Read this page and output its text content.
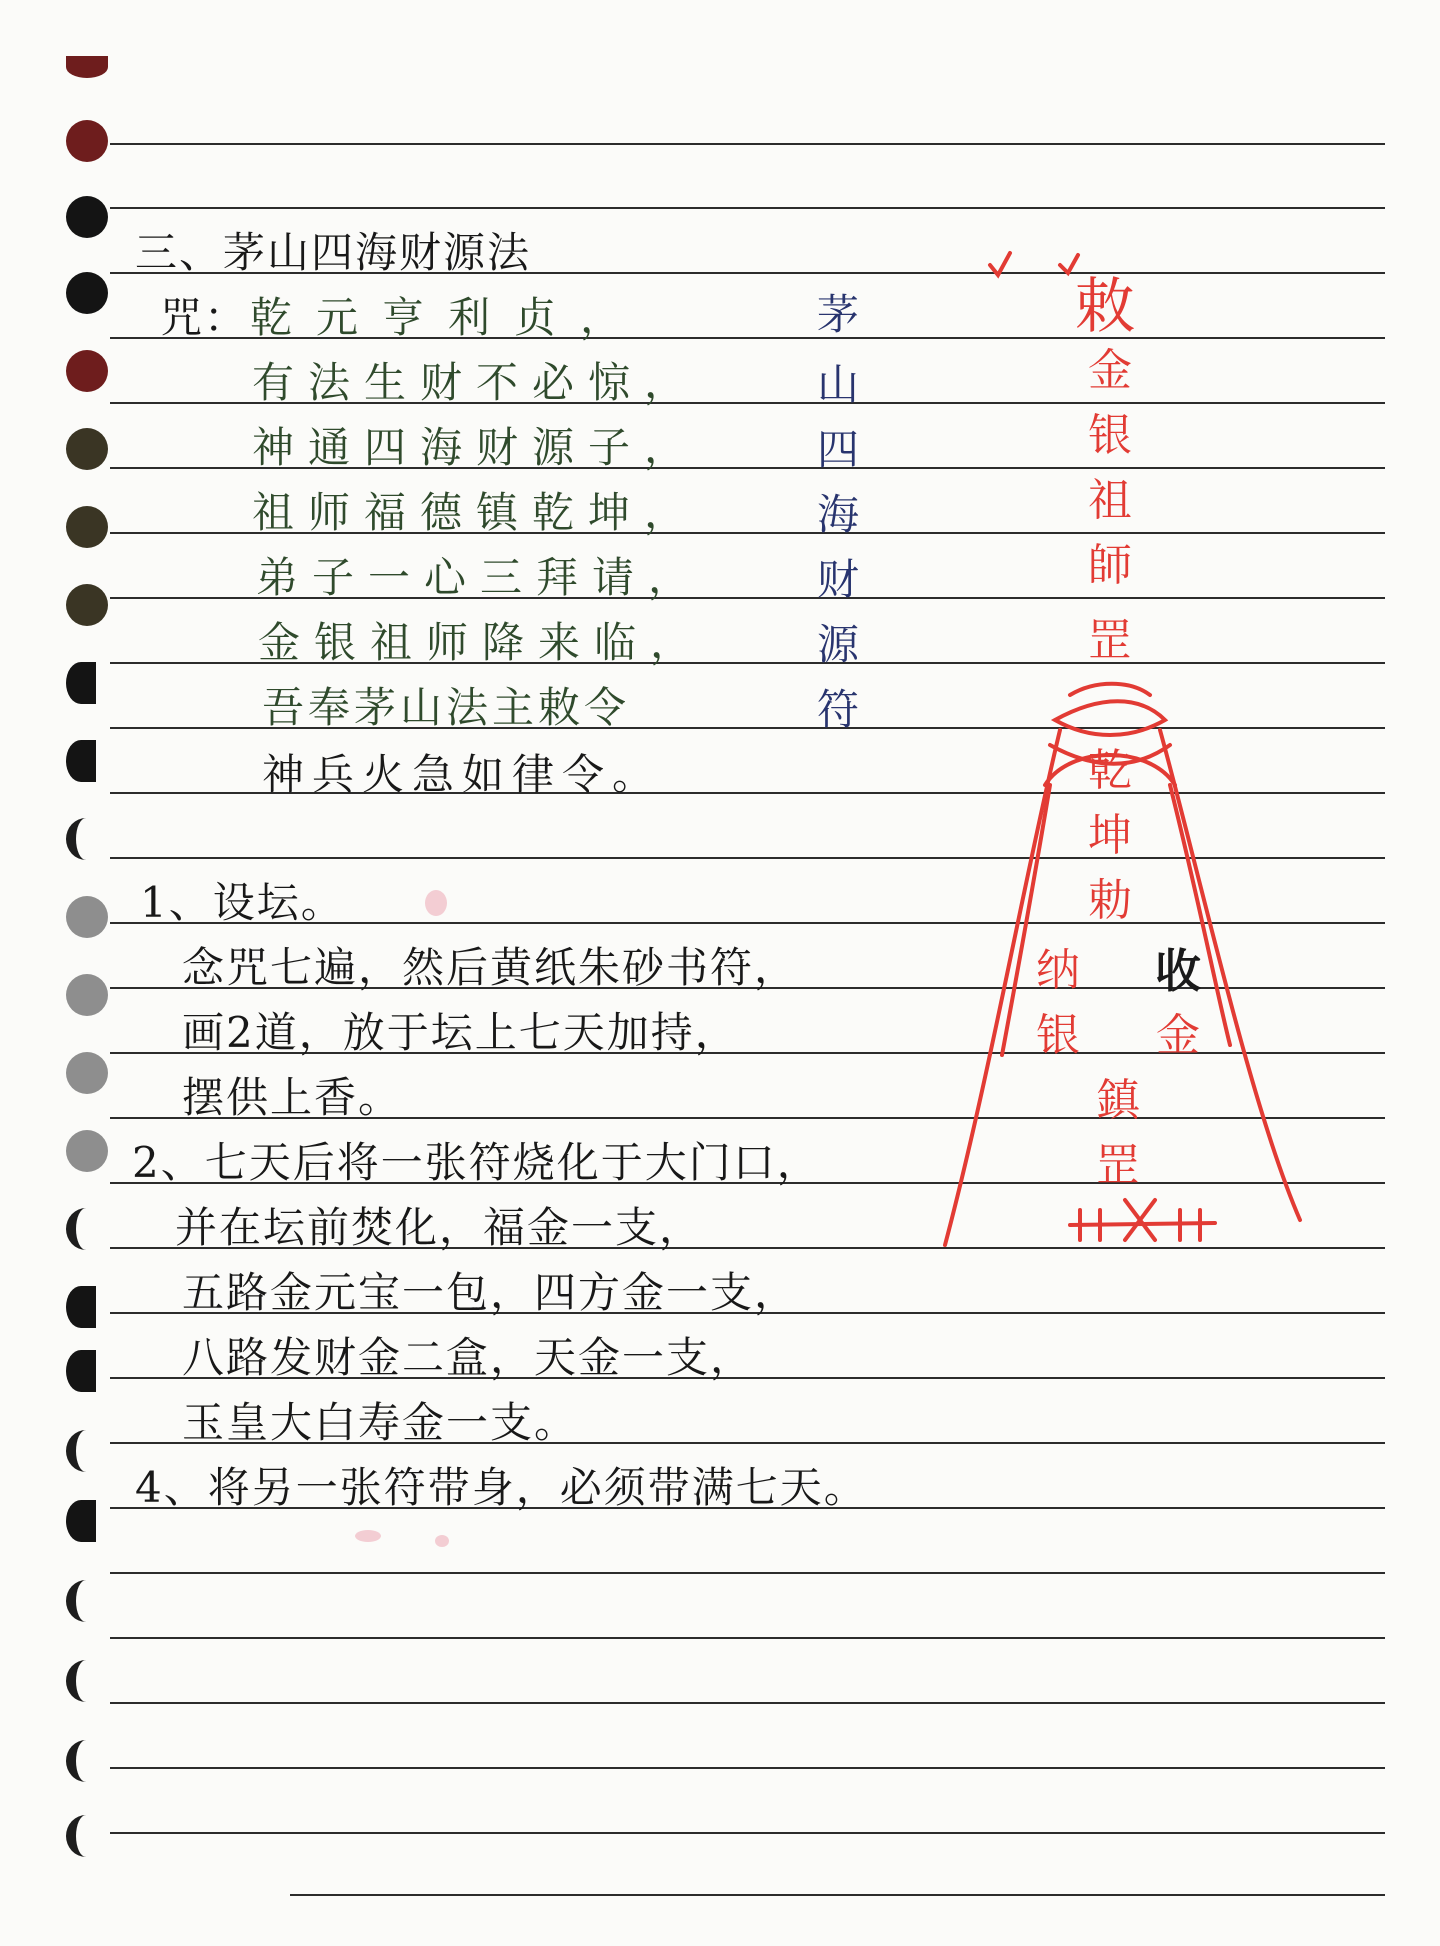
三、茅山四海财源法
咒： 乾元亨利贞，
有法生财不必惊，
神通四海财源子，
祖师福德镇乾坤，
弟子一心三拜请，
金银祖师降来临，
吾奉茅山法主敕令
神兵火急如律令。
茅
山
四
海
财
源
符
敕
金
银
祖
師
罡
乾
坤
勅
纳
银
收
金
鎮
罡
1、设坛。
念咒七遍，然后黄纸朱砂书符，
画2道，放于坛上七天加持，
摆供上香。
2、七天后将一张符烧化于大门口，
并在坛前焚化，福金一支，
五路金元宝一包，四方金一支，
八路发财金二盒，天金一支，
玉皇大白寿金一支。
4、将另一张符带身，必须带满七天。
